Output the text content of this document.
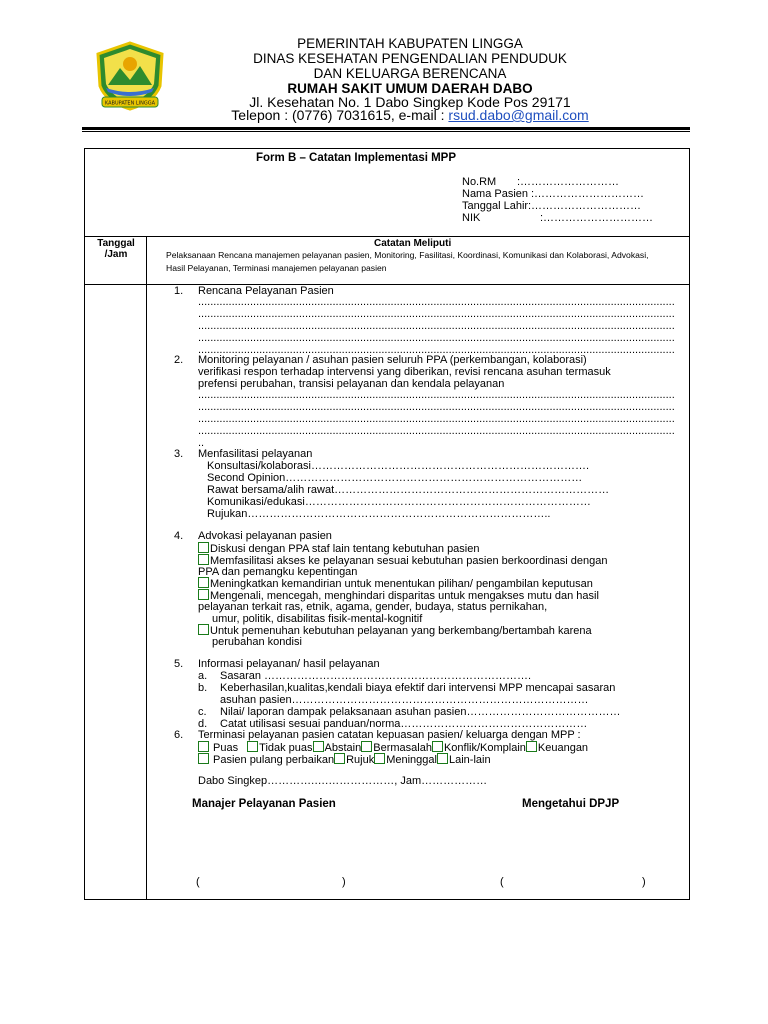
KABUPATEN LINGGA
PEMERINTAH KABUPATEN LINGGA
DINAS KESEHATAN PENGENDALIAN PENDUDUK
DAN KELUARGA BERENCANA
RUMAH SAKIT UMUM DAERAH DABO
Jl. Kesehatan No. 1 Dabo Singkep Kode Pos 29171
Telepon : (0776) 7031615, e-mail : rsud.dabo@gmail.com
Form B – Catatan Implementasi MPP
No.RM :………………………
Nama Pasien :…………………………
Tanggal Lahir :…………………………
NIK	:…………………………
Tanggal /Jam
Catatan Meliputi
Pelaksanaan Rencana manajemen pelayanan pasien, Monitoring, Fasilitasi, Koordinasi, Komunikasi dan Kolaborasi, Advokasi, Hasil Pelayanan, Terminasi manajemen pelayanan pasien
1. Rencana Pelayanan Pasien
.....
.....
.....
.....
.....
2. Monitoring pelayanan / asuhan pasien seluruh PPA (perkembangan, kolaborasi)
verifikasi respon terhadap intervensi yang diberikan, revisi rencana asuhan termasuk
prefensi perubahan, transisi pelayanan dan kendala pelayanan
.....
.....
.....
.....
.....
3. Menfasilitasi pelayanan
Konsultasi/kolaborasi………………………………………………………………….
Second Opinion………………………………………………………………………
Rawat bersama/alih rawat…………………………………………………………………
Komunikasi/edukasi……………………………………………………………………
Rujukan………………………………………………………………………..
4. Advokasi pelayanan pasien
Diskusi dengan PPA staf lain tentang kebutuhan pasien
Memfasilitasi akses ke pelayanan sesuai kebutuhan pasien berkoordinasi dengan
PPA dan pemangku kepentingan
Meningkatkan kemandirian untuk menentukan pilihan/ pengambilan keputusan
Mengenali, mencegah, menghindari disparitas untuk mengakses mutu dan hasil
pelayanan terkait ras, etnik, agama, gender, budaya, status pernikahan,
umur, politik, disabilitas fisik-mental-kognitif
Untuk pemenuhan kebutuhan pelayanan yang berkembang/bertambah karena
perubahan kondisi
5. Informasi pelayanan/ hasil pelayanan
a. Sasaran ……………………………………………………………….
b. Keberhasilan,kualitas,kendali biaya efektif dari intervensi MPP mencapai sasaran
asuhan pasien………………………………………………………………………
c. Nilai/ laporan dampak pelaksanaan asuhan pasien……………………………………
d. Catat utilisasi sesuai panduan/norma……………………………………………
6. Terminasi pelayanan pasien catatan kepuasan pasien/ keluarga dengan MPP :
Puas Tidak puas Abstain Bermasalah Konflik/Komplain Keuangan
Pasien pulang perbaikan Rujuk Meninggal Lain-lain
Dabo Singkep………….….………………, Jam………………
Manajer Pelayanan Pasien	Mengetahui DPJP
(	)	(	)
